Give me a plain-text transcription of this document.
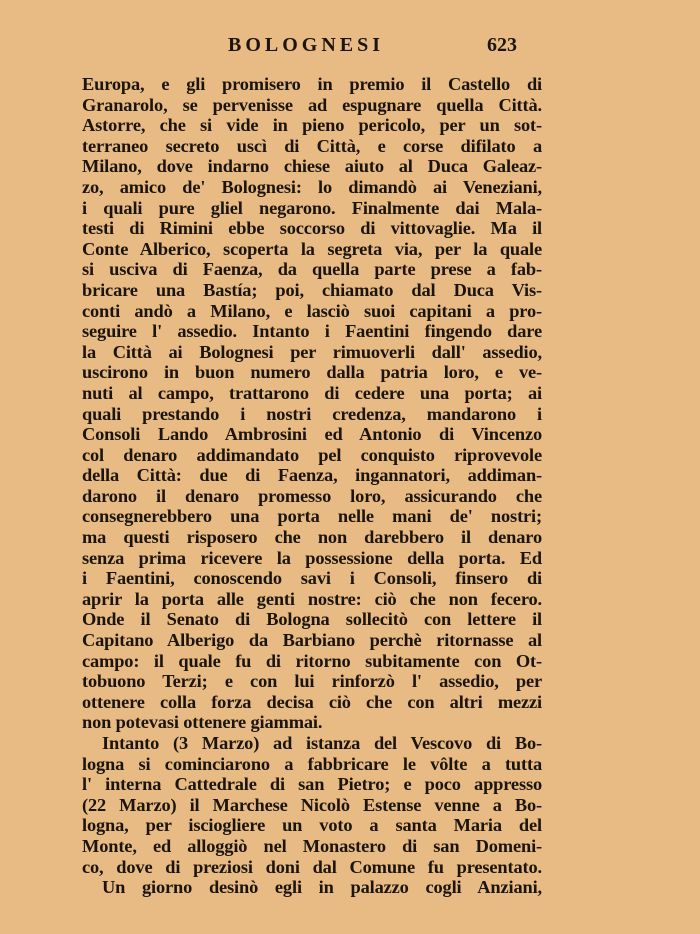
BOLOGNESI	623
Europa, e gli promisero in premio il Castello di
Granarolo, se pervenisse ad espugnare quella Città.
Astorre, che si vide in pieno pericolo, per un sot-
terraneo secreto uscì di Città, e corse difilato a
Milano, dove indarno chiese aiuto al Duca Galeaz-
zo, amico de' Bolognesi: lo dimandò ai Veneziani,
i quali pure gliel negarono. Finalmente dai Mala-
testi di Rimini ebbe soccorso di vittovaglie. Ma il
Conte Alberico, scoperta la segreta via, per la quale
si usciva di Faenza, da quella parte prese a fab-
bricare una Bastía; poi, chiamato dal Duca Vis-
conti andò a Milano, e lasciò suoi capitani a pro-
seguire l' assedio. Intanto i Faentini fingendo dare
la Città ai Bolognesi per rimuoverli dall' assedio,
uscirono in buon numero dalla patria loro, e ve-
nuti al campo, trattarono di cedere una porta; ai
quali prestando i nostri credenza, mandarono i
Consoli Lando Ambrosini ed Antonio di Vincenzo
col denaro addimandato pel conquisto riprovevole
della Città: due di Faenza, ingannatori, addiman-
darono il denaro promesso loro, assicurando che
consegnerebbero una porta nelle mani de' nostri;
ma questi risposero che non darebbero il denaro
senza prima ricevere la possessione della porta. Ed
i Faentini, conoscendo savi i Consoli, finsero di
aprir la porta alle genti nostre: ciò che non fecero.
Onde il Senato di Bologna sollecitò con lettere il
Capitano Alberigo da Barbiano perchè ritornasse al
campo: il quale fu di ritorno subitamente con Ot-
tobuono Terzi; e con lui rinforzò l' assedio, per
ottenere colla forza decisa ciò che con altri mezzi
non potevasi ottenere giammai.
Intanto (3 Marzo) ad istanza del Vescovo di Bo-
logna si cominciarono a fabbricare le vôlte a tutta
l' interna Cattedrale di san Pietro; e poco appresso
(22 Marzo) il Marchese Nicolò Estense venne a Bo-
logna, per isciogliere un voto a santa Maria del
Monte, ed alloggiò nel Monastero di san Domeni-
co, dove di preziosi doni dal Comune fu presentato.
Un giorno desinò egli in palazzo cogli Anziani,
